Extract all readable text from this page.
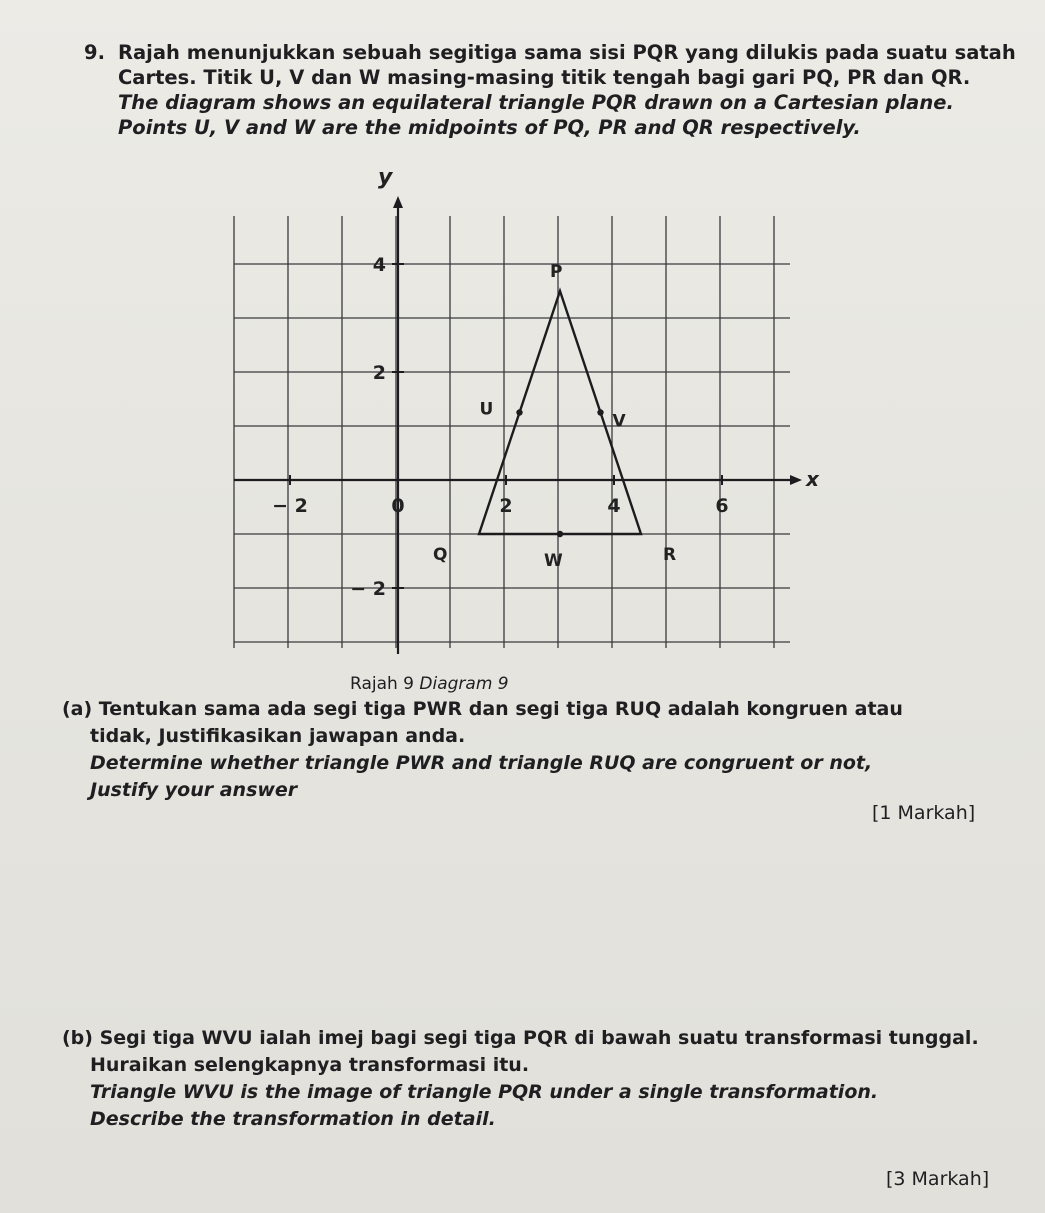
9. Rajah menunjukkan sebuah segitiga sama sisi PQR yang dilukis pada suatu satah
Cartes. Titik U, V dan W masing-masing titik tengah bagi gari PQ, PR dan QR.
The diagram shows an equilateral triangle PQR drawn on a Cartesian plane.
Points U, V and W are the midpoints of PQ, PR and QR respectively.
x
y
− 2	0	2	4	6
4
2
− 2
P
Q	R
U
V
W
Rajah 9 Diagram 9
(a) Tentukan sama ada segi tiga PWR dan segi tiga RUQ adalah kongruen atau
tidak, Justifikasikan jawapan anda.
Determine whether triangle PWR and triangle RUQ are congruent or not,
Justify your answer
[1 Markah]
(b) Segi tiga WVU ialah imej bagi segi tiga PQR di bawah suatu transformasi tunggal.
Huraikan selengkapnya transformasi itu.
Triangle WVU is the image of triangle PQR under a single transformation.
Describe the transformation in detail.
[3 Markah]
